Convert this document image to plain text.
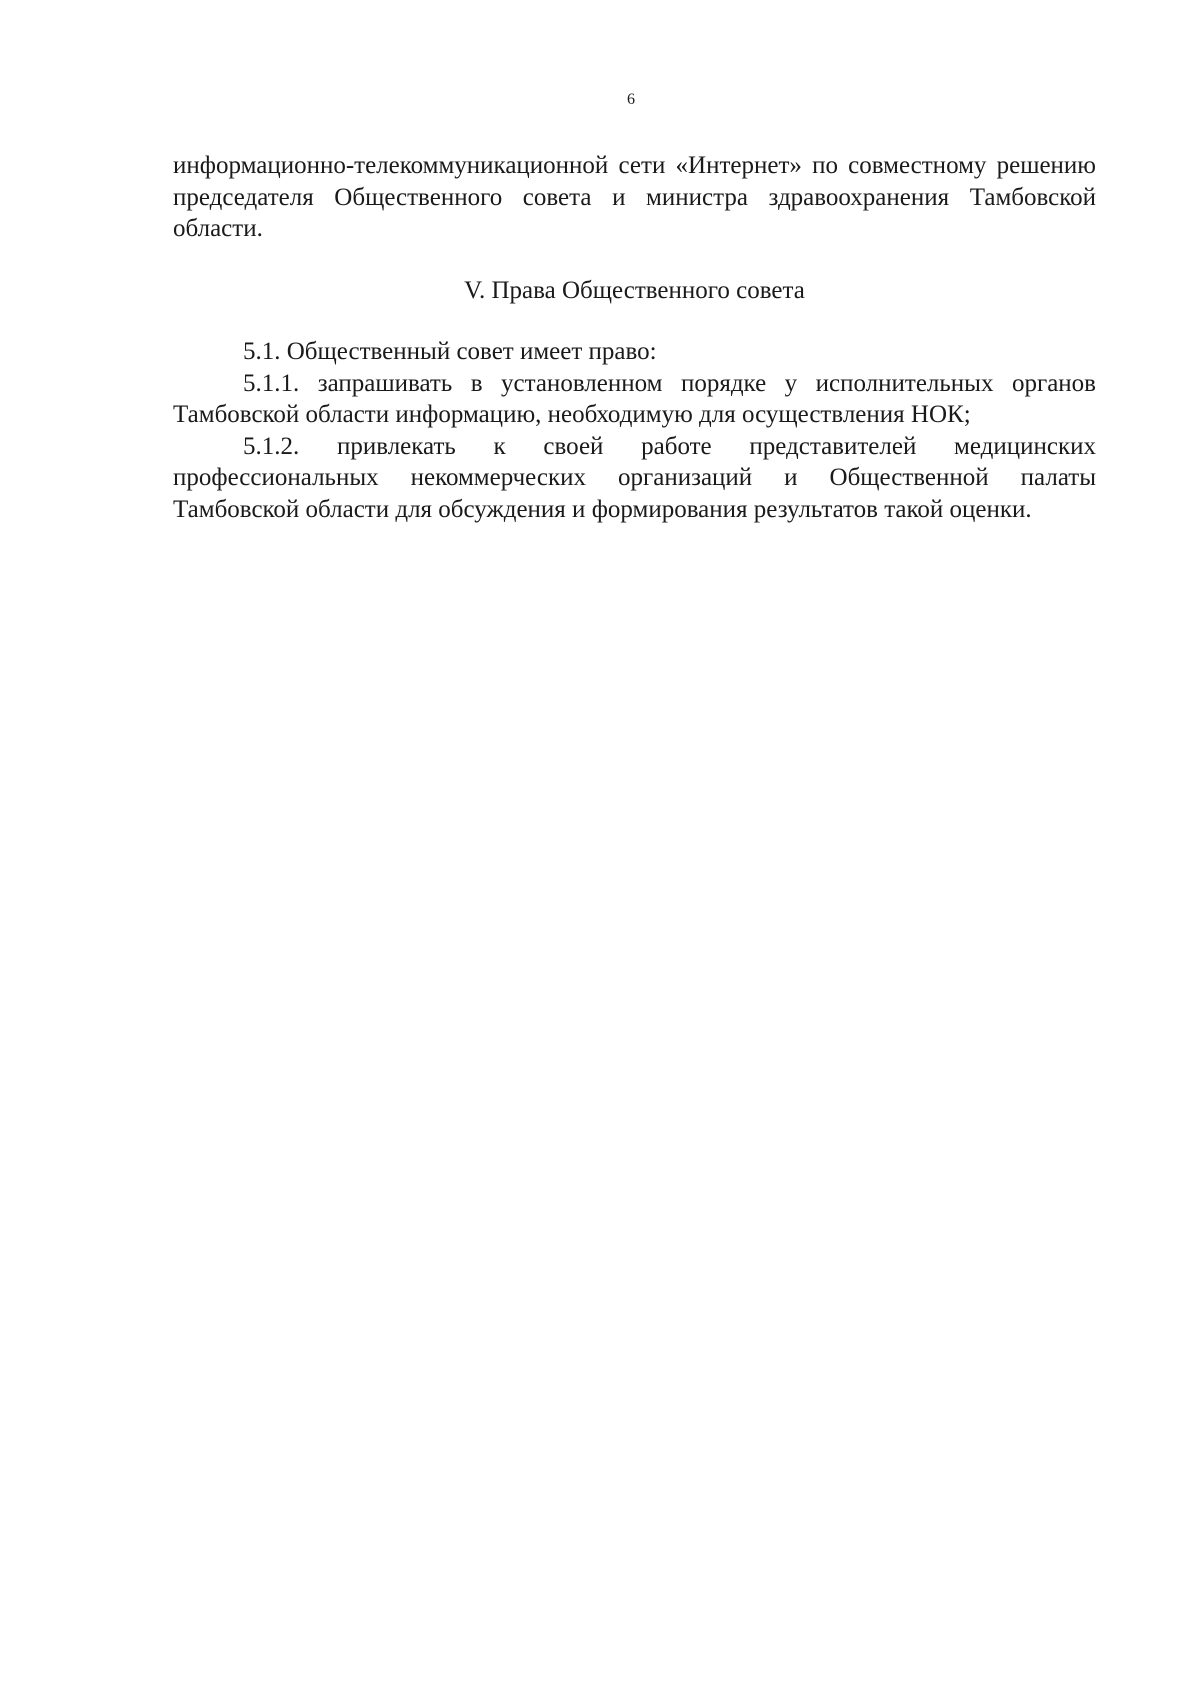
6

информационно-телекоммуникационной сети «Интернет» по совместному решению председателя Общественного совета и министра здравоохранения Тамбовской области.

V. Права Общественного совета

5.1. Общественный совет имеет право:

5.1.1. запрашивать в установленном порядке у исполнительных органов Тамбовской области информацию, необходимую для осуществления НОК;

5.1.2. привлекать к своей работе представителей медицинских профессиональных некоммерческих организаций и Общественной палаты Тамбовской области для обсуждения и формирования результатов такой оценки.
